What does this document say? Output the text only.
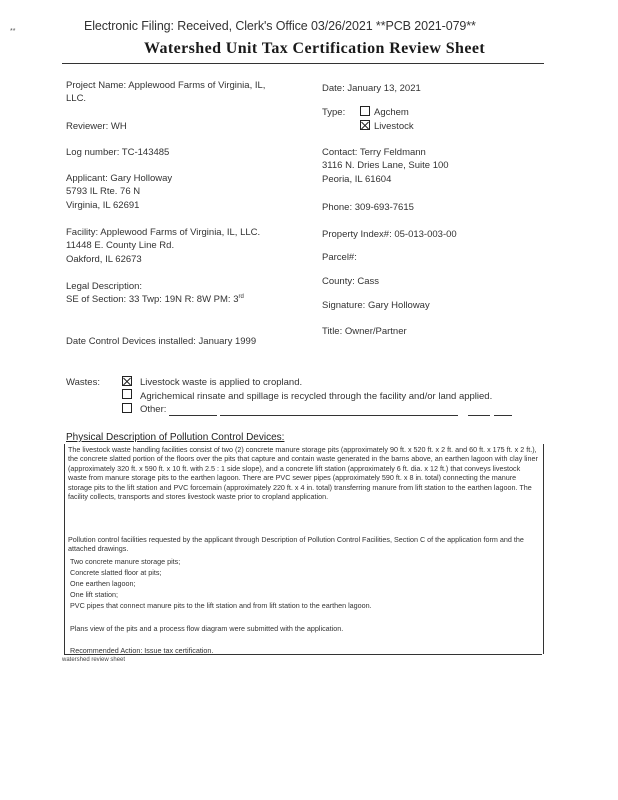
**	Electronic Filing: Received, Clerk's Office 03/26/2021 **PCB 2021-079**
Watershed Unit Tax Certification Review Sheet
Project Name: Applewood Farms of Virginia, IL,
LLC.
Reviewer: WH
Log number: TC-143485
Applicant: Gary Holloway
5793 IL Rte. 76 N
Virginia, IL 62691
Facility: Applewood Farms of Virginia, IL, LLC.
11448 E. County Line Rd.
Oakford, IL 62673
Legal Description:
SE of Section: 33 Twp: 19N R: 8W PM: 3rd
Date Control Devices installed: January 1999
Date: January 13, 2021
Type:	Agchem
Livestock
Contact: Terry Feldmann
3116 N. Dries Lane, Suite 100
Peoria, IL 61604
Phone: 309-693-7615
Property Index#: 05-013-003-00
Parcel#:
County: Cass
Signature: Gary Holloway
Title: Owner/Partner
Wastes:	Livestock waste is applied to cropland.
Agrichemical rinsate and spillage is recycled through the facility and/or land applied.
Other:
Physical Description of Pollution Control Devices:
The livestock waste handling facilities consist of two (2) concrete manure storage pits (approximately 90 ft. x 520 ft. x 2 ft. and 60 ft. x 175 ft. x 2 ft.), the concrete slatted portion of the floors over the pits that capture and contain waste generated in the barns above, an earthen lagoon with clay liner (approximately 320 ft. x 590 ft. x 10 ft. with 2.5 : 1 side slope), and a concrete lift station (approximately 6 ft. dia. x 12 ft.) that conveys livestock waste from manure storage pits to the earthen lagoon. There are PVC sewer pipes (approximately 590 ft. x 8 in. total) connecting the manure storage pits to the lift station and PVC forcemain (approximately 220 ft. x 4 in. total) transferring manure from lift station to the earthen lagoon. The facility collects, transports and stores livestock waste prior to cropland application.
Pollution control facilities requested by the applicant through Description of Pollution Control Facilities, Section C of the application form and the attached drawings.
Two concrete manure storage pits;
Concrete slatted floor at pits;
One earthen lagoon;
One lift station;
PVC pipes that connect manure pits to the lift station and from lift station to the earthen lagoon.
Plans view of the pits and a process flow diagram were submitted with the application.
Recommended Action: Issue tax certification.
watershed review sheet
